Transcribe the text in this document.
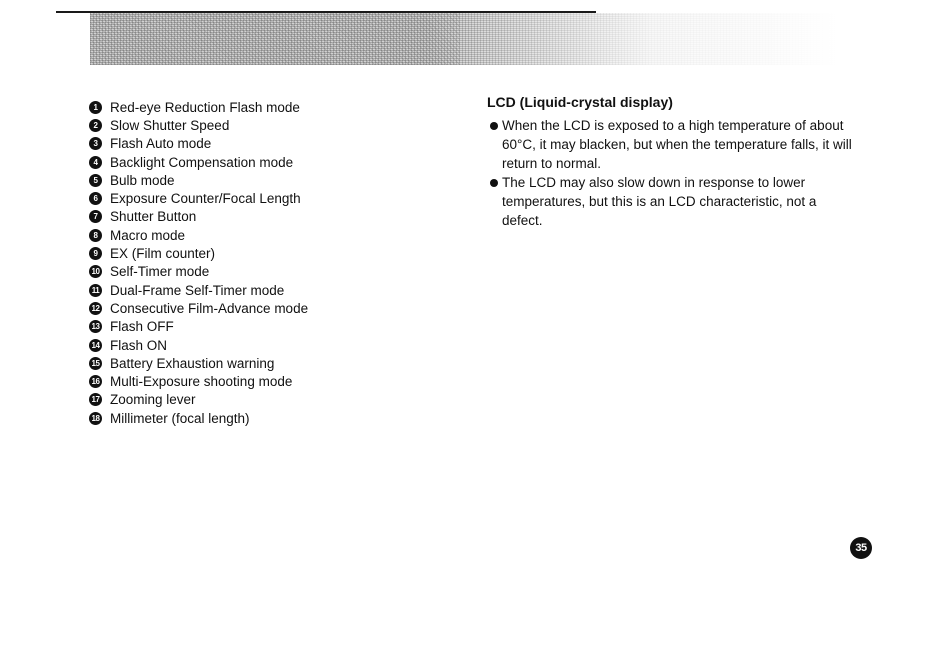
1 Red-eye Reduction Flash mode
2 Slow Shutter Speed
3 Flash Auto mode
4 Backlight Compensation mode
5 Bulb mode
6 Exposure Counter/Focal Length
7 Shutter Button
8 Macro mode
9 EX (Film counter)
10 Self-Timer mode
11 Dual-Frame Self-Timer mode
12 Consecutive Film-Advance mode
13 Flash OFF
14 Flash ON
15 Battery Exhaustion warning
16 Multi-Exposure shooting mode
17 Zooming lever
18 Millimeter (focal length)
LCD (Liquid-crystal display)

When the LCD is exposed to a high temperature of about 60°C, it may blacken, but when the temperature falls, it will return to normal.

The LCD may also slow down in response to lower temperatures, but this is an LCD characteristic, not a defect.

35
